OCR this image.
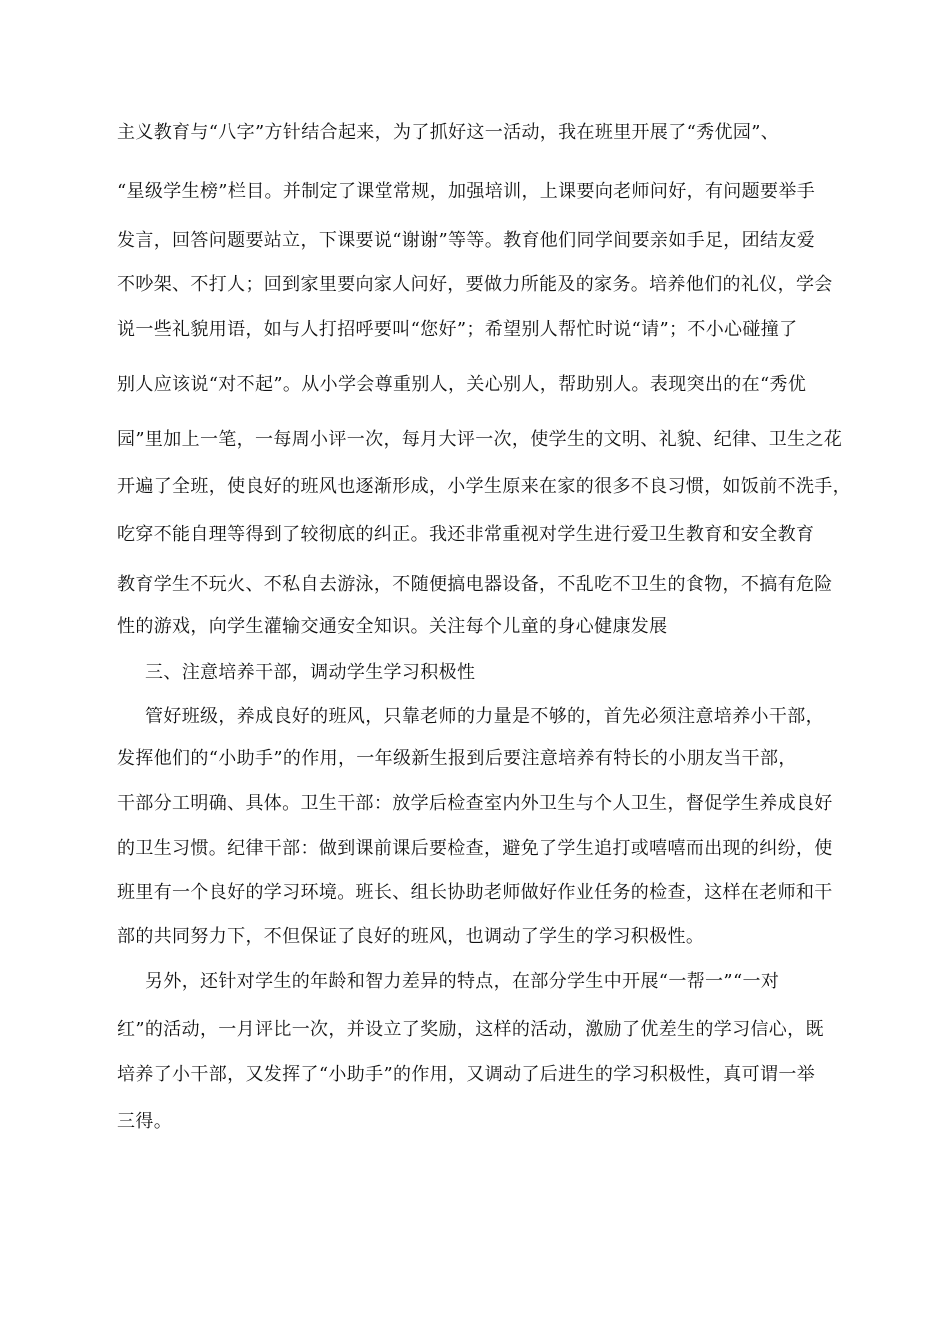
主义教育与“八字”方针结合起来，为了抓好这一活动，我在班里开展了“秀优园”、
“星级学生榜”栏目。并制定了课堂常规，加强培训，上课要向老师问好，有问题要举手
发言，回答问题要站立，下课要说“谢谢”等等。教育他们同学间要亲如手足，团结友爱
不吵架、不打人；回到家里要向家人问好，要做力所能及的家务。培养他们的礼仪，学会
说一些礼貌用语，如与人打招呼要叫“您好”；希望别人帮忙时说“请”；不小心碰撞了
别人应该说“对不起”。从小学会尊重别人，关心别人，帮助别人。表现突出的在“秀优
园”里加上一笔，一每周小评一次，每月大评一次，使学生的文明、礼貌、纪律、卫生之花
开遍了全班，使良好的班风也逐渐形成，小学生原来在家的很多不良习惯，如饭前不洗手，
吃穿不能自理等得到了较彻底的纠正。我还非常重视对学生进行爱卫生教育和安全教育
教育学生不玩火、不私自去游泳，不随便搞电器设备，不乱吃不卫生的食物，不搞有危险
性的游戏，向学生灌输交通安全知识。关注每个儿童的身心健康发展
三、注意培养干部，调动学生学习积极性
管好班级，养成良好的班风，只靠老师的力量是不够的，首先必须注意培养小干部，
发挥他们的“小助手”的作用，一年级新生报到后要注意培养有特长的小朋友当干部，
干部分工明确、具体。卫生干部：放学后检查室内外卫生与个人卫生，督促学生养成良好
的卫生习惯。纪律干部：做到课前课后要检查，避免了学生追打或嘻嘻而出现的纠纷，使
班里有一个良好的学习环境。班长、组长协助老师做好作业任务的检查，这样在老师和干
部的共同努力下，不但保证了良好的班风，也调动了学生的学习积极性。
另外，还针对学生的年龄和智力差异的特点，在部分学生中开展“一帮一”“一对
红”的活动，一月评比一次，并设立了奖励，这样的活动，激励了优差生的学习信心，既
培养了小干部，又发挥了“小助手”的作用，又调动了后进生的学习积极性，真可谓一举
三得。
